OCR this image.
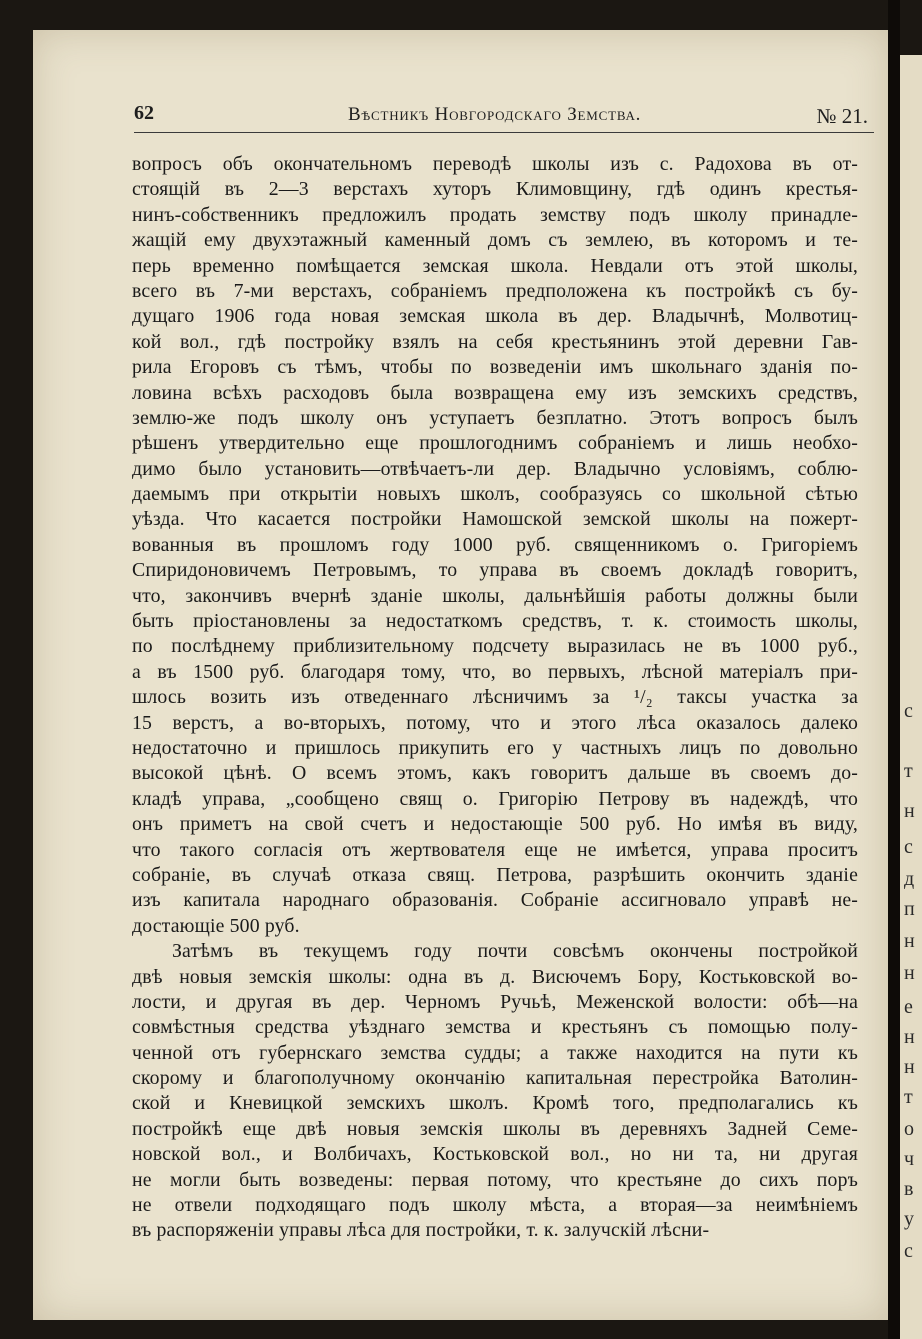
с
т
н
с
д
п
н
н
е
н
н
т
о
ч
в
у
с
62	Вѣстникъ Новгородскаго Земства.	№ 21.
вопросъ объ окончательномъ переводѣ школы изъ с. Радохова въ от-
стоящій въ 2—3 верстахъ хуторъ Климовщину, гдѣ одинъ крестья-
нинъ-собственникъ предложилъ продать земству подъ школу принадле-
жащій ему двухэтажный каменный домъ съ землею, въ которомъ и те-
перь временно помѣщается земская школа. Невдали отъ этой школы,
всего въ 7-ми верстахъ, собраніемъ предположена къ постройкѣ съ бу-
дущаго 1906 года новая земская школа въ дер. Владычнѣ, Молвотиц-
кой вол., гдѣ постройку взялъ на себя крестьянинъ этой деревни Гав-
рила Егоровъ съ тѣмъ, чтобы по возведеніи имъ школьнаго зданія по-
ловина всѣхъ расходовъ была возвращена ему изъ земскихъ средствъ,
землю-же подъ школу онъ уступаетъ безплатно. Этотъ вопросъ былъ
рѣшенъ утвердительно еще прошлогоднимъ собраніемъ и лишь необхо-
димо было установить—отвѣчаетъ-ли дер. Владычно условіямъ, соблю-
даемымъ при открытіи новыхъ школъ, сообразуясь со школьной сѣтью
уѣзда. Что касается постройки Намошской земской школы на пожерт-
вованныя въ прошломъ году 1000 руб. священникомъ о. Григоріемъ
Спиридоновичемъ Петровымъ, то управа въ своемъ докладѣ говоритъ,
что, закончивъ вчернѣ зданіе школы, дальнѣйшія работы должны были
быть пріостановлены за недостаткомъ средствъ, т. к. стоимость школы,
по послѣднему приблизительному подсчету выразилась не въ 1000 руб.,
а въ 1500 руб. благодаря тому, что, во первыхъ, лѣсной матеріалъ при-
шлось возить изъ отведеннаго лѣсничимъ за ¹/₂ таксы участка за
15 верстъ, а во-вторыхъ, потому, что и этого лѣса оказалось далеко
недостаточно и пришлось прикупить его у частныхъ лицъ по довольно
высокой цѣнѣ. О всемъ этомъ, какъ говоритъ дальше въ своемъ до-
кладѣ управа, „сообщено свящ о. Григорію Петрову въ надеждѣ, что
онъ приметъ на свой счетъ и недостающіе 500 руб. Но имѣя въ виду,
что такого согласія отъ жертвователя еще не имѣется, управа проситъ
собраніе, въ случаѣ отказа свящ. Петрова, разрѣшить окончить зданіе
изъ капитала народнаго образованія. Собраніе ассигновало управѣ не-
достающіе 500 руб.
Затѣмъ въ текущемъ году почти совсѣмъ окончены постройкой
двѣ новыя земскія школы: одна въ д. Висючемъ Бору, Костьковской во-
лости, и другая въ дер. Черномъ Ручьѣ, Меженской волости: обѣ—на
совмѣстныя средства уѣзднаго земства и крестьянъ съ помощью полу-
ченной отъ губернскаго земства судды; а также находится на пути къ
скорому и благополучному окончанію капитальная перестройка Ватолин-
ской и Кневицкой земскихъ школъ. Кромѣ того, предполагались къ
постройкѣ еще двѣ новыя земскія школы въ деревняхъ Задней Семе-
новской вол., и Волбичахъ, Костьковской вол., но ни та, ни другая
не могли быть возведены: первая потому, что крестьяне до сихъ поръ
не отвели подходящаго подъ школу мѣста, а вторая—за неимѣніемъ
въ распоряженіи управы лѣса для постройки, т. к. залучскій лѣсни-
